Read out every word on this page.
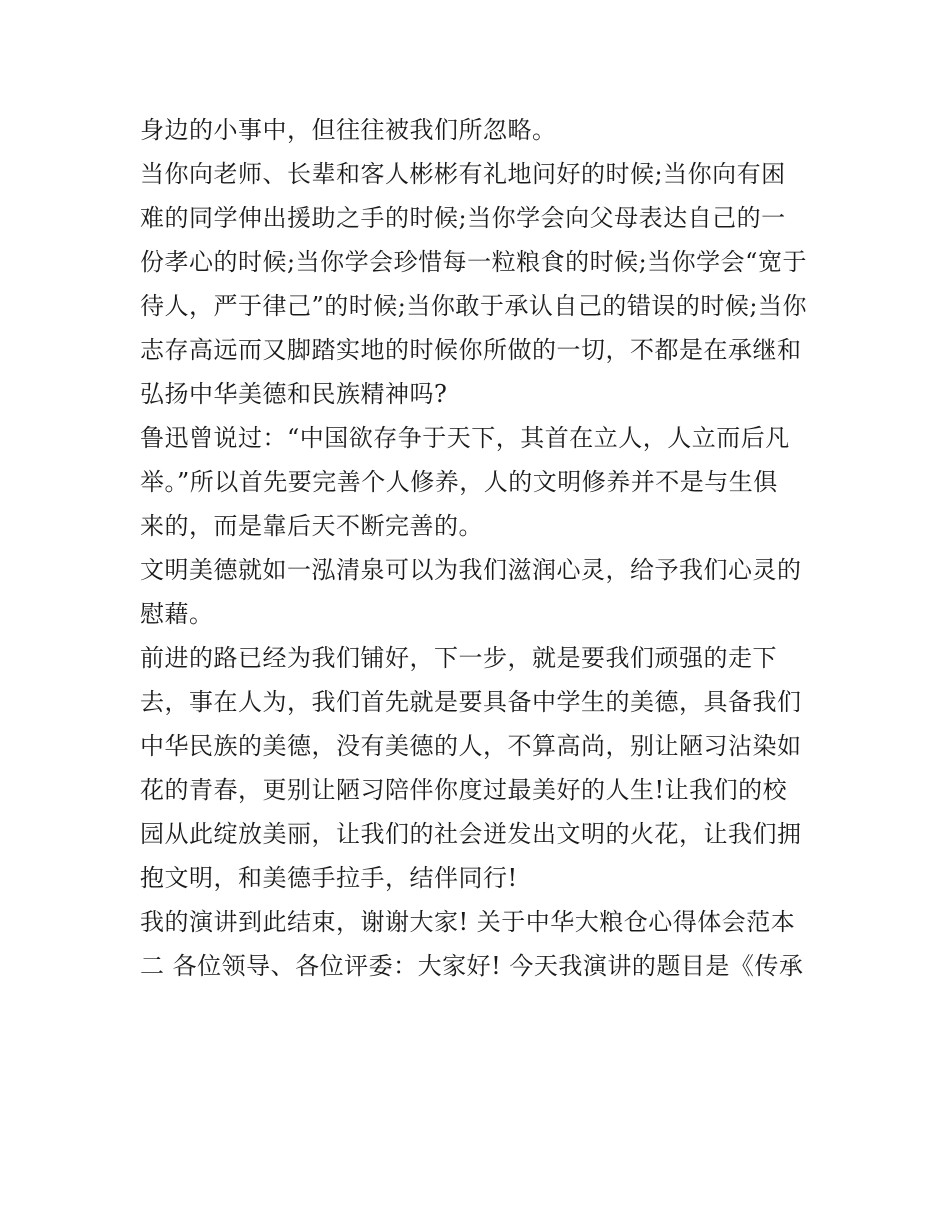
身边的小事中，但往往被我们所忽略。
当你向老师、长辈和客人彬彬有礼地问好的时候;当你向有困
难的同学伸出援助之手的时候;当你学会向父母表达自己的一
份孝心的时候;当你学会珍惜每一粒粮食的时候;当你学会“宽于
待人，严于律己”的时候;当你敢于承认自己的错误的时候;当你
志存高远而又脚踏实地的时候你所做的一切，不都是在承继和
弘扬中华美德和民族精神吗?
鲁迅曾说过：“中国欲存争于天下，其首在立人，人立而后凡
举。”所以首先要完善个人修养，人的文明修养并不是与生俱
来的，而是靠后天不断完善的。
文明美德就如一泓清泉可以为我们滋润心灵，给予我们心灵的
慰藉。
前进的路已经为我们铺好，下一步，就是要我们顽强的走下
去，事在人为，我们首先就是要具备中学生的美德，具备我们
中华民族的美德，没有美德的人，不算高尚，别让陋习沾染如
花的青春，更别让陋习陪伴你度过最美好的人生!让我们的校
园从此绽放美丽，让我们的社会迸发出文明的火花，让我们拥
抱文明，和美德手拉手，结伴同行!
我的演讲到此结束，谢谢大家! 关于中华大粮仓心得体会范本
二 各位领导、各位评委：大家好! 今天我演讲的题目是《传承
